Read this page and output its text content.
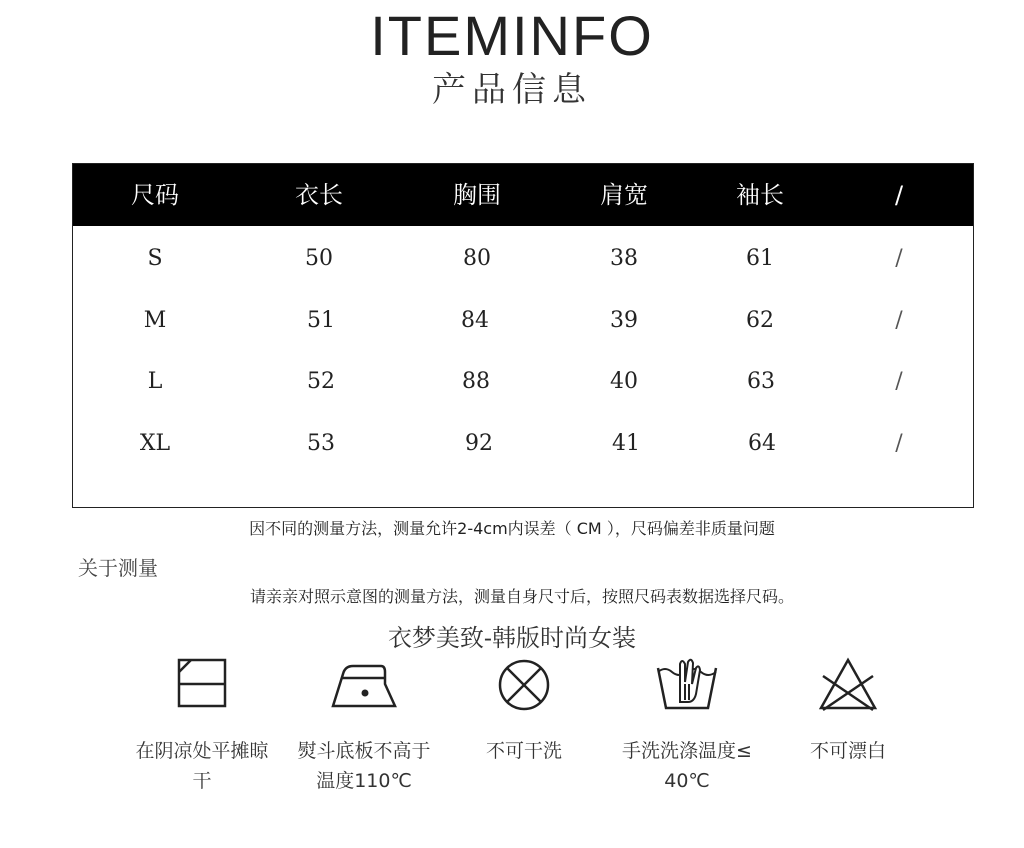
ITEMINFO
产品信息
尺码	衣长	胸围	肩宽	袖长	/
S	50	80	38	61	/
M	51	84	39	62	/
L	52	88	40	63	/
XL	53	92	41	64	/
因不同的测量方法，测量允许2-4cm内误差（ CM ），尺码偏差非质量问题
关于测量
请亲亲对照示意图的测量方法，测量自身尺寸后，按照尺码表数据选择尺码。
衣梦美致-韩版时尚女装
在阴凉处平摊晾
干
熨斗底板不高于
温度110℃
不可干洗	手洗洗涤温度≤
40℃
不可漂白
